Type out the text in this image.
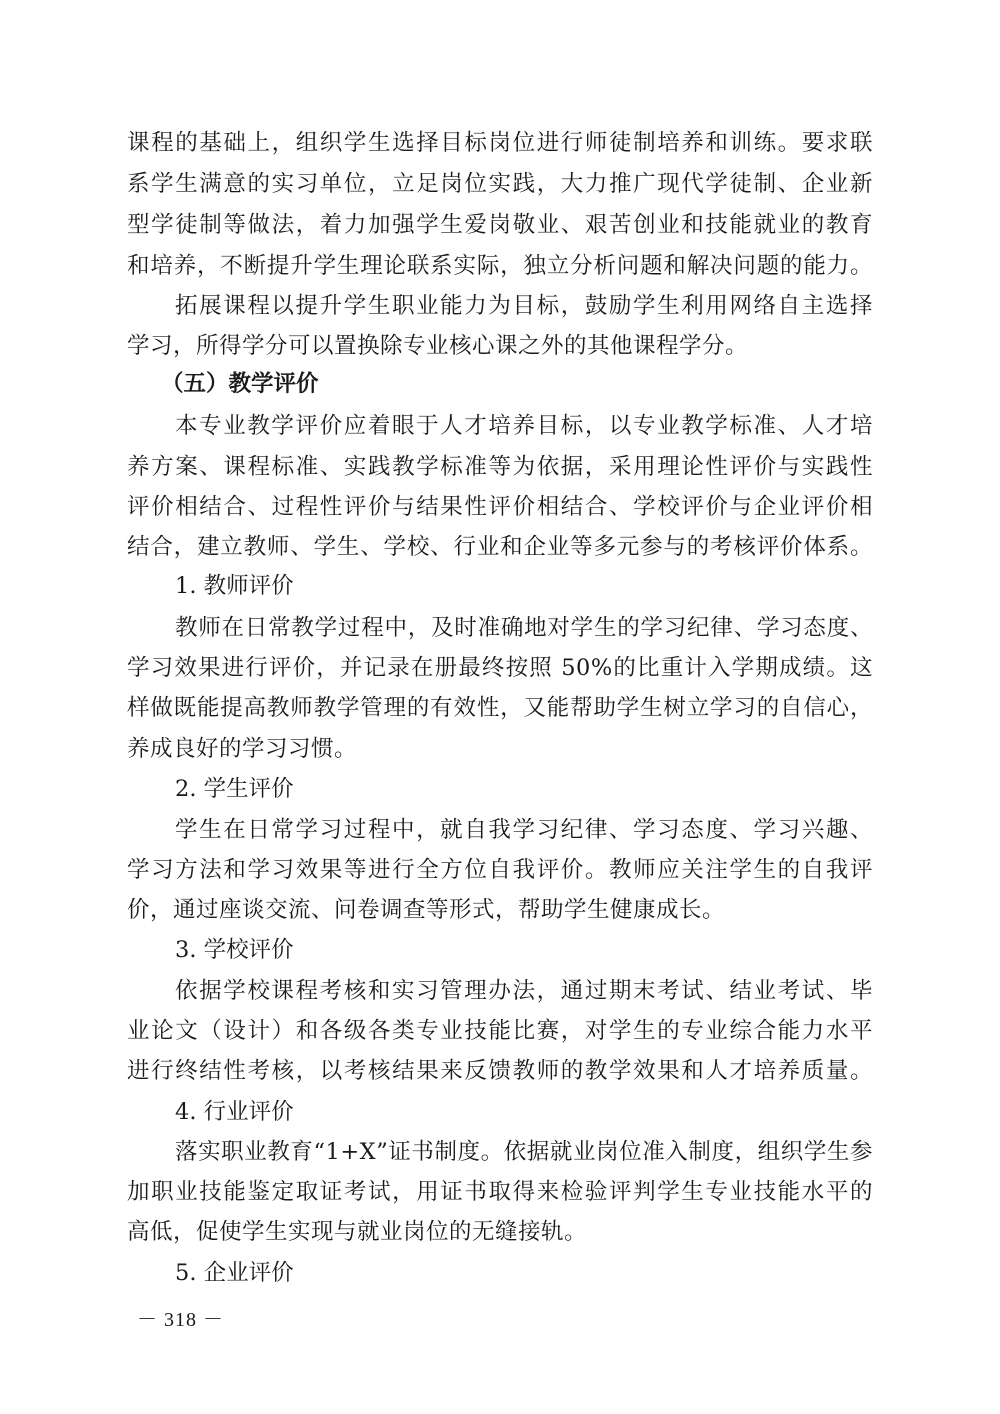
课程的基础上，组织学生选择目标岗位进行师徒制培养和训练。要求联
系学生满意的实习单位，立足岗位实践，大力推广现代学徒制、企业新
型学徒制等做法，着力加强学生爱岗敬业、艰苦创业和技能就业的教育
和培养，不断提升学生理论联系实际，独立分析问题和解决问题的能力。
拓展课程以提升学生职业能力为目标，鼓励学生利用网络自主选择
学习，所得学分可以置换除专业核心课之外的其他课程学分。
（五）教学评价
本专业教学评价应着眼于人才培养目标，以专业教学标准、人才培
养方案、课程标准、实践教学标准等为依据，采用理论性评价与实践性
评价相结合、过程性评价与结果性评价相结合、学校评价与企业评价相
结合，建立教师、学生、学校、行业和企业等多元参与的考核评价体系。
1. 教师评价
教师在日常教学过程中，及时准确地对学生的学习纪律、学习态度、
学习效果进行评价，并记录在册最终按照 50%的比重计入学期成绩。这
样做既能提高教师教学管理的有效性，又能帮助学生树立学习的自信心，
养成良好的学习习惯。
2. 学生评价
学生在日常学习过程中，就自我学习纪律、学习态度、学习兴趣、
学习方法和学习效果等进行全方位自我评价。教师应关注学生的自我评
价，通过座谈交流、问卷调查等形式，帮助学生健康成长。
3. 学校评价
依据学校课程考核和实习管理办法，通过期末考试、结业考试、毕
业论文（设计）和各级各类专业技能比赛，对学生的专业综合能力水平
进行终结性考核，以考核结果来反馈教师的教学效果和人才培养质量。
4. 行业评价
落实职业教育“1+X”证书制度。依据就业岗位准入制度，组织学生参
加职业技能鉴定取证考试，用证书取得来检验评判学生专业技能水平的
高低，促使学生实现与就业岗位的无缝接轨。
5. 企业评价
－ 318 －
